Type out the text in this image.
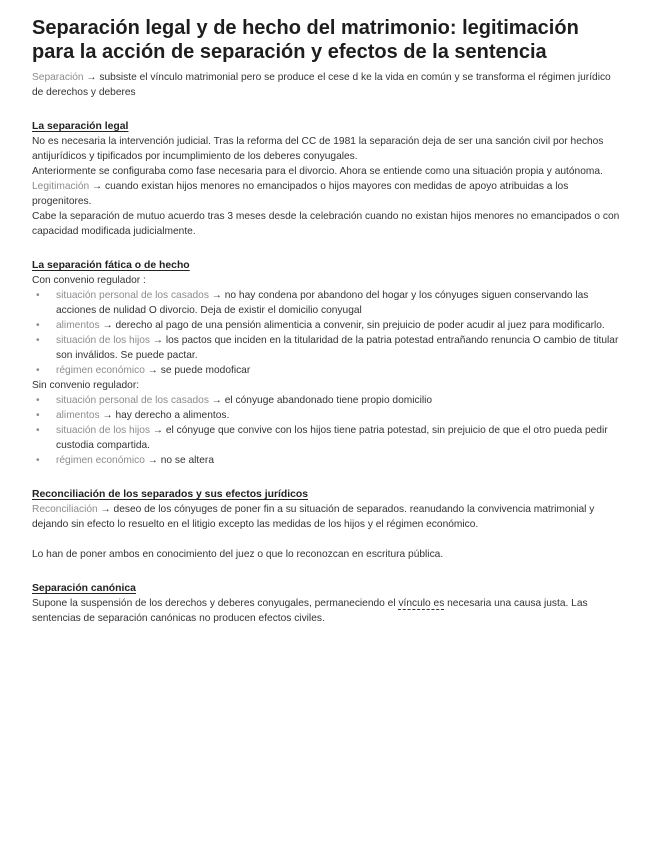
Separación legal y de hecho del matrimonio: legitimación para la acción de separación y efectos de la sentencia

Separación → subsiste el vínculo matrimonial pero se produce el cese d ke la vida en común y se transforma el régimen jurídico de derechos y deberes

La separación legal

No es necesaria la intervención judicial. Tras la reforma del CC de 1981 la separación deja de ser una sanción civil por hechos antijurídicos y tipificados por incumplimiento de los deberes conyugales.

Anteriormente se configuraba como fase necesaria para el divorcio. Ahora se entiende como una situación propia y autónoma.

Legitimación → cuando existan hijos menores no emancipados o hijos mayores con medidas de apoyo atribuidas a los progenitores.

Cabe la separación de mutuo acuerdo tras 3 meses desde la celebración cuando no existan hijos menores no emancipados o con capacidad modificada judicialmente.

La separación fática o de hecho

Con convenio regulador :

• situación personal de los casados → no hay condena por abandono del hogar y los cónyuges siguen conservando las acciones de nulidad O divorcio. Deja de existir el domicilio conyugal
• alimentos → derecho al pago de una pensión alimenticia a convenir, sin prejuicio de poder acudir al juez para modificarlo.
• situación de los hijos → los pactos que inciden en la titularidad de la patria potestad entrañando renuncia O cambio de titular son inválidos. Se puede pactar.
• régimen económico → se puede modoficar

Sin convenio regulador:

• situación personal de los casados → el cónyuge abandonado tiene propio domicilio
• alimentos → hay derecho a alimentos.
• situación de los hijos → el cónyuge que convive con los hijos tiene patria potestad, sin prejuicio de que el otro pueda pedir custodia compartida.
• régimen económico → no se altera

Reconciliación de los separados y sus efectos jurídicos

Reconciliación → deseo de los cónyuges de poner fin a su situación de separados. reanudando la convivencia matrimonial y dejando sin efecto lo resuelto en el litigio excepto las medidas de los hijos y el régimen económico.

Lo han de poner ambos en conocimiento del juez o que lo reconozcan en escritura pública.

Separación canónica

Supone la suspensión de los derechos y deberes conyugales, permaneciendo el vínculo es necesaria una causa justa. Las sentencias de separación canónicas no producen efectos civiles.
